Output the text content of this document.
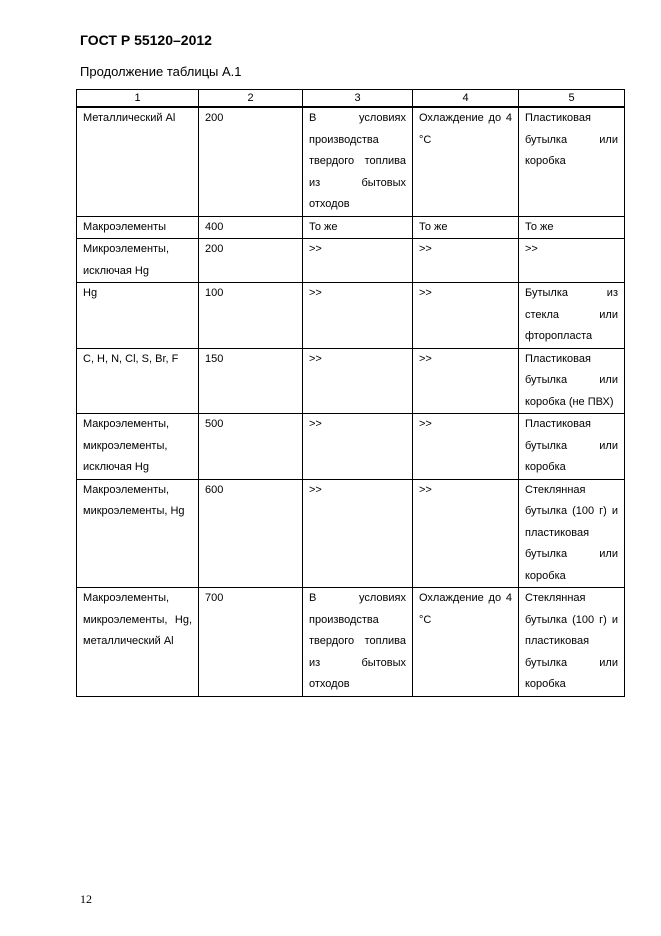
ГОСТ Р 55120–2012
Продолжение таблицы А.1
1	2	3	4	5
Металлический Al	200	В условиях производства твердого топлива из бытовых отходов	Охлаждение до 4 °С	Пластиковая бутылка или коробка
Макроэлементы	400	То же	То же	То же
Микроэлементы, исключая Hg	200	>>	>>	>>
Hg	100	>>	>>	Бутылка из стекла или фторопласта
C, H, N, Cl, S, Br, F	150	>>	>>	Пластиковая бутылка или коробка (не ПВХ)
Макроэлементы, микроэлементы, исключая Hg	500	>>	>>	Пластиковая бутылка или коробка
Макроэлементы, микроэлементы, Hg	600	>>	>>	Стеклянная бутылка (100 г) и пластиковая бутылка или коробка
Макроэлементы, микроэлементы, Hg, металлический Al	700	В условиях производства твердого топлива из бытовых отходов	Охлаждение до 4 °С	Стеклянная бутылка (100 г) и пластиковая бутылка или коробка
12
